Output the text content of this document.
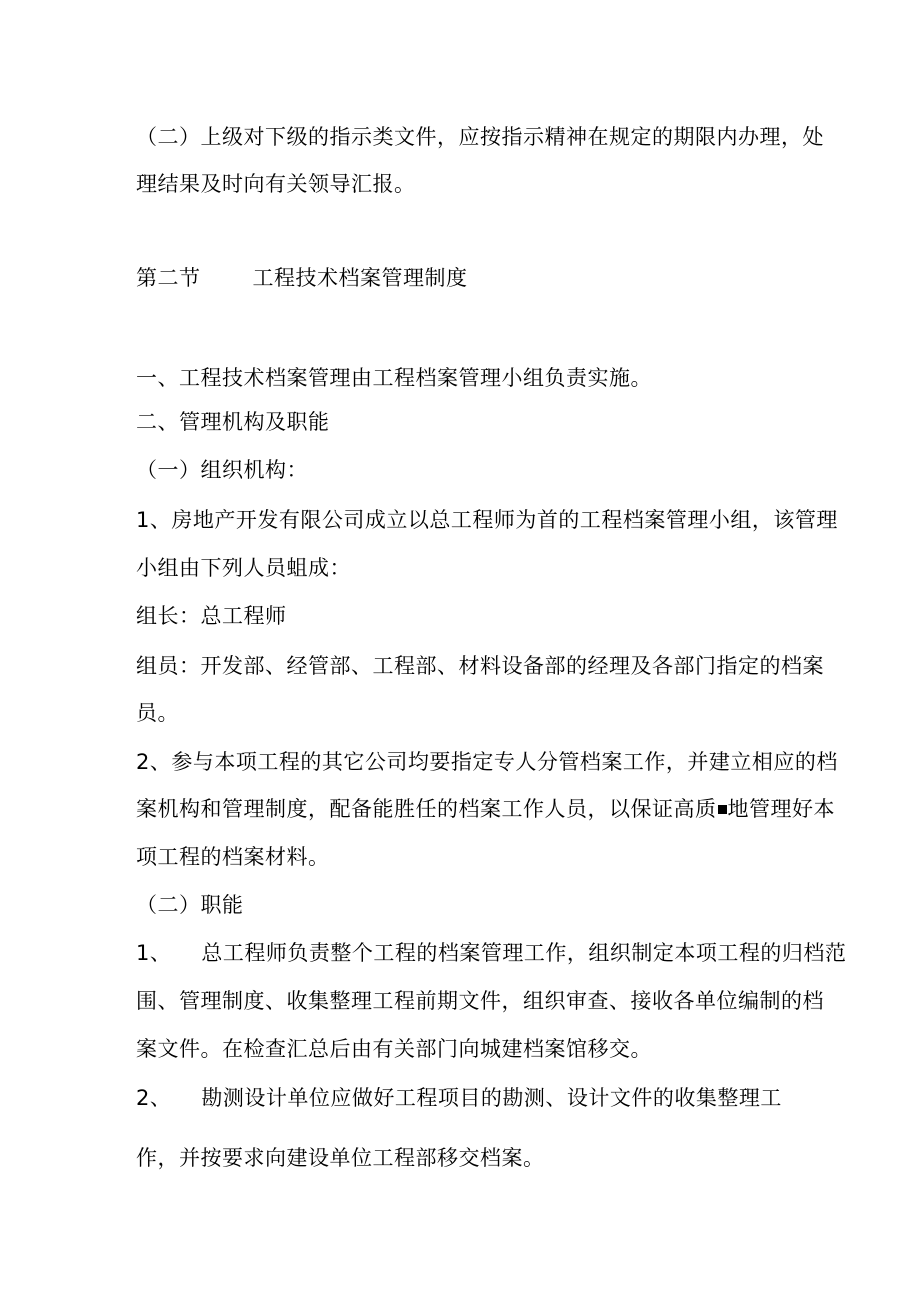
（二）上级对下级的指示类文件，应按指示精神在规定的期限内办理，处
理结果及时向有关领导汇报。
第二节 工程技术档案管理制度
一、工程技术档案管理由工程档案管理小组负责实施。
二、管理机构及职能
（一）组织机构：
1、房地产开发有限公司成立以总工程师为首的工程档案管理小组，该管理
小组由下列人员蛆成：
组长：总工程师
组员：开发部、经管部、工程部、材料设备部的经理及各部门指定的档案
员。
2、参与本项工程的其它公司均要指定专人分管档案工作，并建立相应的档
案机构和管理制度，配备能胜任的档案工作人员，以保证高质 地管理好本
项工程的档案材料。
（二）职能
1、 总工程师负责整个工程的档案管理工作，组织制定本项工程的归档范
围、管理制度、收集整理工程前期文件，组织审查、接收各单位编制的档
案文件。在检查汇总后由有关部门向城建档案馆移交。
2、 勘测设计单位应做好工程项目的勘测、设计文件的收集整理工
作，并按要求向建设单位工程部移交档案。
